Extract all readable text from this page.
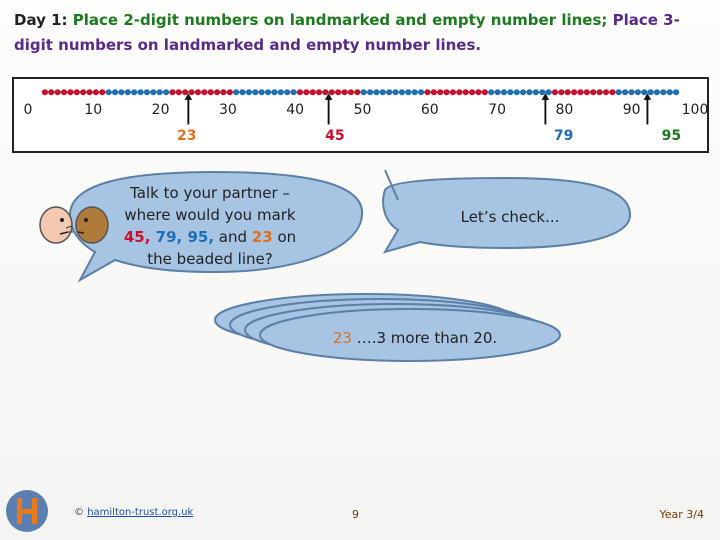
Day 1: Place 2-digit numbers on landmarked and empty number lines; Place 3-digit numbers on landmarked and empty number lines.
0	10	20	30	40	50	60	70	80	90	100
23	45	79	95
Talk to your partner –
where would you mark
45, 79, 95, and 23 on
the beaded line?
Let’s check...
23 ….3 more than 20.
© hamilton-trust.org.uk	9	Year 3/4
